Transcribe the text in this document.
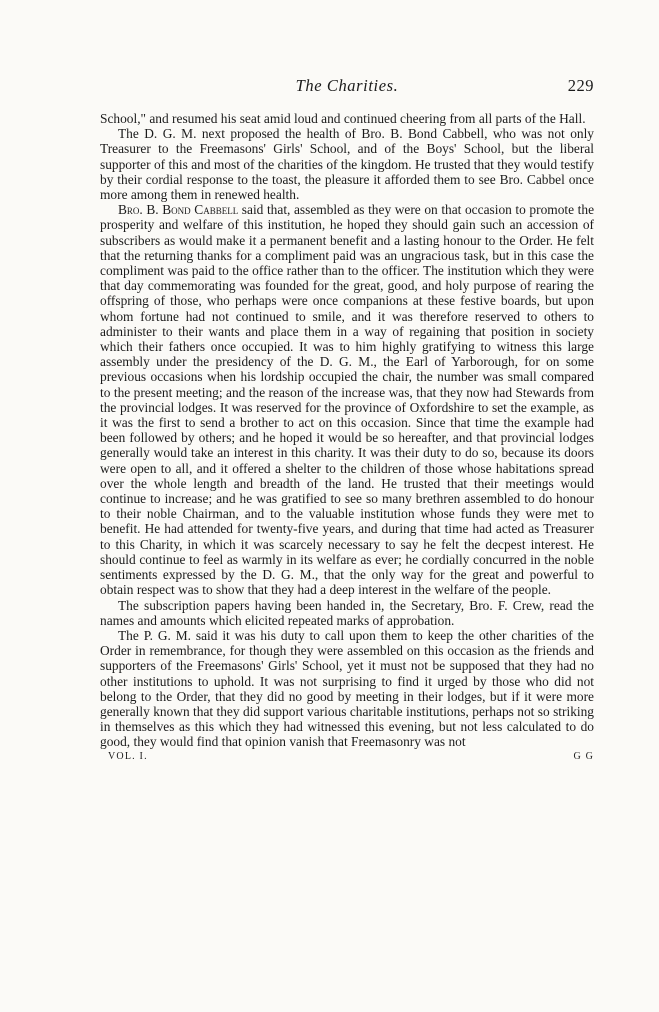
The Charities.	229

School," and resumed his seat amid loud and continued cheering from all parts of the Hall.

The D. G. M. next proposed the health of Bro. B. Bond Cabbell, who was not only Treasurer to the Freemasons' Girls' School, and of the Boys' School, but the liberal supporter of this and most of the charities of the kingdom. He trusted that they would testify by their cordial response to the toast, the pleasure it afforded them to see Bro. Cabbel once more among them in renewed health.

Bro. B. Bond Cabbell said that, assembled as they were on that occasion to promote the prosperity and welfare of this institution, he hoped they should gain such an accession of subscribers as would make it a permanent benefit and a lasting honour to the Order. He felt that the returning thanks for a compliment paid was an ungracious task, but in this case the compliment was paid to the office rather than to the officer. The institution which they were that day commemorating was founded for the great, good, and holy purpose of rearing the offspring of those, who perhaps were once companions at these festive boards, but upon whom fortune had not continued to smile, and it was therefore reserved to others to administer to their wants and place them in a way of regaining that position in society which their fathers once occupied. It was to him highly gratifying to witness this large assembly under the presidency of the D. G. M., the Earl of Yarborough, for on some previous occasions when his lordship occupied the chair, the number was small compared to the present meeting; and the reason of the increase was, that they now had Stewards from the provincial lodges. It was reserved for the province of Oxfordshire to set the example, as it was the first to send a brother to act on this occasion. Since that time the example had been followed by others; and he hoped it would be so hereafter, and that provincial lodges generally would take an interest in this charity. It was their duty to do so, because its doors were open to all, and it offered a shelter to the children of those whose habitations spread over the whole length and breadth of the land. He trusted that their meetings would continue to increase; and he was gratified to see so many brethren assembled to do honour to their noble Chairman, and to the valuable institution whose funds they were met to benefit. He had attended for twenty-five years, and during that time had acted as Treasurer to this Charity, in which it was scarcely necessary to say he felt the decpest interest. He should continue to feel as warmly in its welfare as ever; he cordially concurred in the noble sentiments expressed by the D. G. M., that the only way for the great and powerful to obtain respect was to show that they had a deep interest in the welfare of the people.

The subscription papers having been handed in, the Secretary, Bro. F. Crew, read the names and amounts which elicited repeated marks of approbation.

The P. G. M. said it was his duty to call upon them to keep the other charities of the Order in remembrance, for though they were assembled on this occasion as the friends and supporters of the Freemasons' Girls' School, yet it must not be supposed that they had no other institutions to uphold. It was not surprising to find it urged by those who did not belong to the Order, that they did no good by meeting in their lodges, but if it were more generally known that they did support various charitable institutions, perhaps not so striking in themselves as this which they had witnessed this evening, but not less calculated to do good, they would find that opinion vanish that Freemasonry was not

VOL. I.	G G
